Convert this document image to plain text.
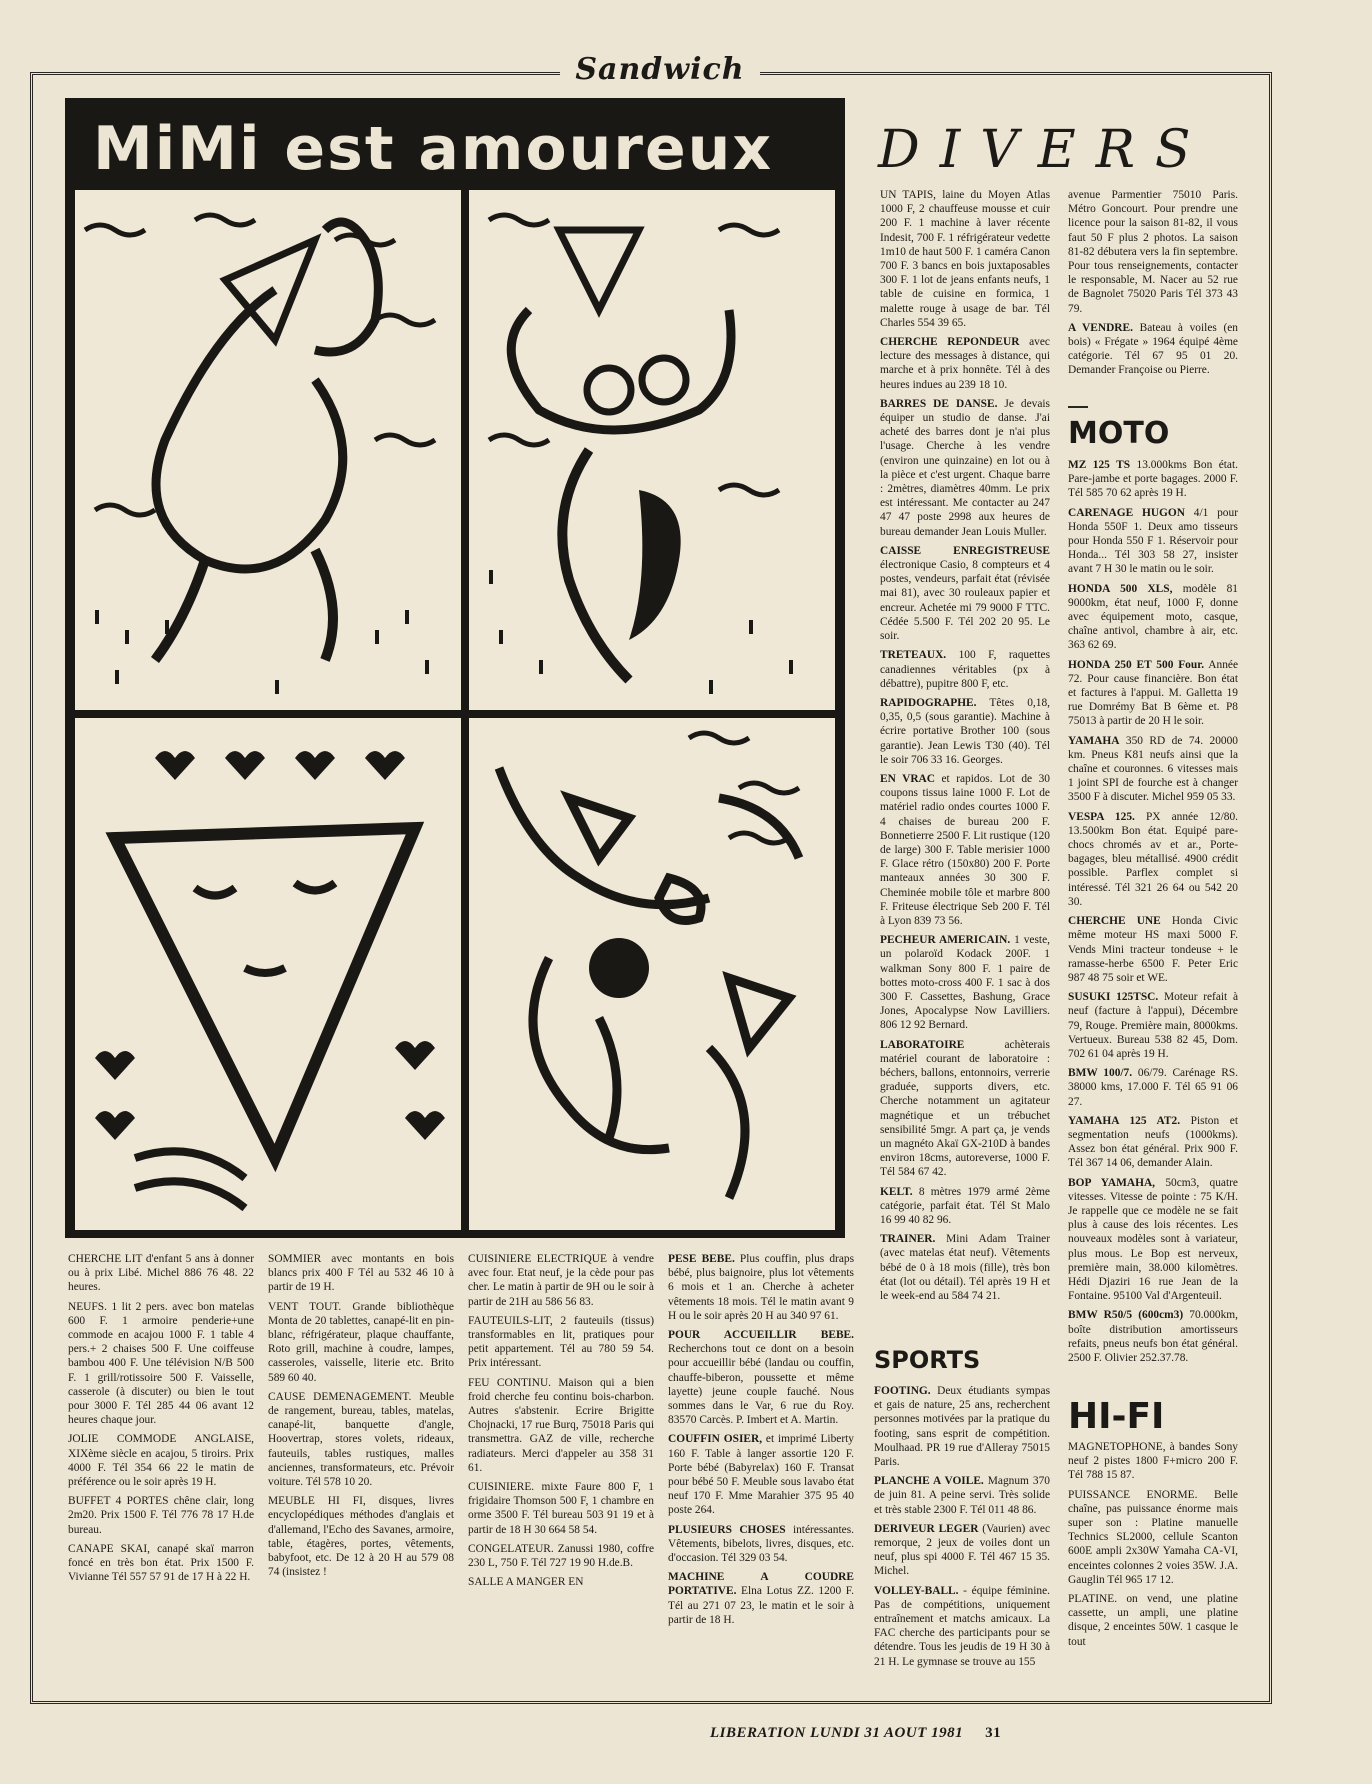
Sandwich
MiMi est amoureux	DIVERS

UN TAPIS, laine du Moyen Atlas 1000 F, 2 chauffeuse mousse et cuir 200 F. 1 machine à laver récente Indesit, 700 F. 1 réfrigérateur vedette 1m10 de haut 500 F. 1 caméra Canon 700 F. 3 bancs en bois juxtaposables 300 F. 1 lot de jeans enfants neufs, 1 table de cuisine en formica, 1 malette rouge à usage de bar. Tél Charles 554 39 65.

CHERCHE REPONDEUR avec lecture des messages à distance, qui marche et à prix honnête. Tél à des heures indues au 239 18 10.

BARRES DE DANSE. Je devais équiper un studio de danse. J'ai acheté des barres dont je n'ai plus l'usage. Cherche à les vendre (environ une quinzaine) en lot ou à la pièce et c'est urgent. Chaque barre : 2mètres, diamètres 40mm. Le prix est intéressant. Me contacter au 247 47 47 poste 2998 aux heures de bureau demander Jean Louis Muller.

CAISSE ENREGISTREUSE électronique Casio, 8 compteurs et 4 postes, vendeurs, parfait état (révisée mai 81), avec 30 rouleaux papier et encreur. Achetée mi 79 9000 F TTC. Cédée 5.500 F. Tél 202 20 95. Le soir.

TRETEAUX. 100 F, raquettes canadiennes véritables (px à débattre), pupitre 800 F, etc.

RAPIDOGRAPHE. Têtes 0,18, 0,35, 0,5 (sous garantie). Machine à écrire portative Brother 100 (sous garantie). Jean Lewis T30 (40). Tél le soir 706 33 16. Georges.

EN VRAC et rapidos. Lot de 30 coupons tissus laine 1000 F. Lot de matériel radio ondes courtes 1000 F. 4 chaises de bureau 200 F. Bonnetierre 2500 F. Lit rustique (120 de large) 300 F. Table merisier 1000 F. Glace rétro (150x80) 200 F. Porte manteaux années 30 300 F. Cheminée mobile tôle et marbre 800 F. Friteuse électrique Seb 200 F. Tél à Lyon 839 73 56.

PECHEUR AMERICAIN. 1 veste, un polaroïd Kodack 200F. 1 walkman Sony 800 F. 1 paire de bottes moto-cross 400 F. 1 sac à dos 300 F. Cassettes, Bashung, Grace Jones, Apocalypse Now Lavilliers. 806 12 92 Bernard.

LABORATOIRE achèterais matériel courant de laboratoire : béchers, ballons, entonnoirs, verrerie graduée, supports divers, etc. Cherche notamment un agitateur magnétique et un trébuchet sensibilité 5mgr. A part ça, je vends un magnéto Akaï GX-210D à bandes environ 18cms, autoreverse, 1000 F. Tél 584 67 42.

KELT. 8 mètres 1979 armé 2ème catégorie, parfait état. Tél St Malo 16 99 40 82 96.

TRAINER. Mini Adam Trainer (avec matelas état neuf). Vêtements bébé de 0 à 18 mois (fille), très bon état (lot ou détail). Tél après 19 H et le week-end au 584 74 21.

avenue Parmentier 75010 Paris. Métro Goncourt. Pour prendre une licence pour la saison 81-82, il vous faut 50 F plus 2 photos. La saison 81-82 débutera vers la fin septembre. Pour tous renseignements, contacter le responsable, M. Nacer au 52 rue de Bagnolet 75020 Paris Tél 373 43 79.

A VENDRE. Bateau à voiles (en bois) « Frégate » 1964 équipé 4ème catégorie. Tél 67 95 01 20. Demander Françoise ou Pierre.

MOTO

MZ 125 TS 13.000kms Bon état. Pare-jambe et porte bagages. 2000 F. Tél 585 70 62 après 19 H.

CARENAGE HUGON 4/1 pour Honda 550F 1. Deux amo tisseurs pour Honda 550 F 1. Réservoir pour Honda... Tél 303 58 27, insister avant 7 H 30 le matin ou le soir.

HONDA 500 XLS, modèle 81 9000km, état neuf, 1000 F, donne avec équipement moto, casque, chaîne antivol, chambre à air, etc. 363 62 69.

HONDA 250 ET 500 Four. Année 72. Pour cause financière. Bon état et factures à l'appui. M. Galletta 19 rue Domrémy Bat B 6ème et. P8 75013 à partir de 20 H le soir.

YAMAHA 350 RD de 74. 20000 km. Pneus K81 neufs ainsi que la chaîne et couronnes. 6 vitesses mais 1 joint SPI de fourche est à changer 3500 F à discuter. Michel 959 05 33.

VESPA 125. PX année 12/80. 13.500km Bon état. Equipé pare-chocs chromés av et ar., Porte-bagages, bleu métallisé. 4900 crédit possible. Parflex complet si intéressé. Tél 321 26 64 ou 542 20 30.

CHERCHE UNE Honda Civic même moteur HS maxi 5000 F. Vends Mini tracteur tondeuse + le ramasse-herbe 6500 F. Peter Eric 987 48 75 soir et WE.

SUSUKI 125TSC. Moteur refait à neuf (facture à l'appui), Décembre 79, Rouge. Première main, 8000kms. Vertueux. Bureau 538 82 45, Dom. 702 61 04 après 19 H.

BMW 100/7. 06/79. Carénage RS. 38000 kms, 17.000 F. Tél 65 91 06 27.

YAMAHA 125 AT2. Piston et segmentation neufs (1000kms). Assez bon état général. Prix 900 F. Tél 367 14 06, demander Alain.

BOP YAMAHA, 50cm3, quatre vitesses. Vitesse de pointe : 75 K/H. Je rappelle que ce modèle ne se fait plus à cause des lois récentes. Les nouveaux modèles sont à variateur, plus mous. Le Bop est nerveux, première main, 38.000 kilomètres. Hédi Djaziri 16 rue Jean de la Fontaine. 95100 Val d'Argenteuil.

BMW R50/5 (600cm3) 70.000km, boîte distribution amortisseurs refaits, pneus neufs bon état général. 2500 F. Olivier 252.37.78.

HI-FI

MAGNETOPHONE, à bandes Sony neuf 2 pistes 1800 F+micro 200 F. Tél 788 15 87.

PUISSANCE ENORME. Belle chaîne, pas puissance énorme mais super son : Platine manuelle Technics SL2000, cellule Scanton 600E ampli 2x30W Yamaha CA-VI, enceintes colonnes 2 voies 35W. J.A. Gauglin Tél 965 17 12.

PLATINE. on vend, une platine cassette, un ampli, une platine disque, 2 enceintes 50W. 1 casque le tout

SPORTS

FOOTING. Deux étudiants sympas et gais de nature, 25 ans, recherchent personnes motivées par la pratique du footing, sans esprit de compétition. Moulhaad. PR 19 rue d'Alleray 75015 Paris.

PLANCHE A VOILE. Magnum 370 de juin 81. A peine servi. Très solide et très stable 2300 F. Tél 011 48 86.

DERIVEUR LEGER (Vaurien) avec remorque, 2 jeux de voiles dont un neuf, plus spi 4000 F. Tél 467 15 35. Michel.

VOLLEY-BALL. - équipe féminine. Pas de compétitions, uniquement entraînement et matchs amicaux. La FAC cherche des participants pour se détendre. Tous les jeudis de 19 H 30 à 21 H. Le gymnase se trouve au 155

CHERCHE LIT d'enfant 5 ans à donner ou à prix Libé. Michel 886 76 48. 22 heures.

NEUFS. 1 lit 2 pers. avec bon matelas 600 F. 1 armoire penderie+une commode en acajou 1000 F. 1 table 4 pers.+ 2 chaises 500 F. Une coiffeuse bambou 400 F. Une télévision N/B 500 F. 1 grill/rotissoire 500 F. Vaisselle, casserole (à discuter) ou bien le tout pour 3000 F. Tél 285 44 06 avant 12 heures chaque jour.

JOLIE COMMODE ANGLAISE, XIXème siècle en acajou, 5 tiroirs. Prix 4000 F. Tél 354 66 22 le matin de préférence ou le soir après 19 H.

BUFFET 4 PORTES chêne clair, long 2m20. Prix 1500 F. Tél 776 78 17 H.de bureau.

CANAPE SKAI, canapé skaï marron foncé en très bon état. Prix 1500 F. Vivianne Tél 557 57 91 de 17 H à 22 H.

SOMMIER avec montants en bois blancs prix 400 F Tél au 532 46 10 à partir de 19 H.

VENT TOUT. Grande bibliothèque Monta de 20 tablettes, canapé-lit en pin-blanc, réfrigérateur, plaque chauffante, Roto grill, machine à coudre, lampes, casseroles, vaisselle, literie etc. Brito 589 60 40.

CAUSE DEMENAGEMENT. Meuble de rangement, bureau, tables, matelas, canapé-lit, banquette d'angle, Hoovertrap, stores volets, rideaux, fauteuils, tables rustiques, malles anciennes, transformateurs, etc. Prévoir voiture. Tél 578 10 20.

MEUBLE HI FI, disques, livres encyclopédiques méthodes d'anglais et d'allemand, l'Echo des Savanes, armoire, table, étagères, portes, vêtements, babyfoot, etc. De 12 à 20 H au 579 08 74 (insistez !

CUISINIERE ELECTRIQUE à vendre avec four. Etat neuf, je la cède pour pas cher. Le matin à partir de 9H ou le soir à partir de 21H au 586 56 83.

FAUTEUILS-LIT, 2 fauteuils (tissus) transformables en lit, pratiques pour petit appartement. Tél au 780 59 54. Prix intéressant.

FEU CONTINU. Maison qui a bien froid cherche feu continu bois-charbon. Autres s'abstenir. Ecrire Brigitte Chojnacki, 17 rue Burq, 75018 Paris qui transmettra. GAZ de ville, recherche radiateurs. Merci d'appeler au 358 31 61.

CUISINIERE. mixte Faure 800 F, 1 frigidaire Thomson 500 F, 1 chambre en orme 3500 F. Tél bureau 503 91 19 et à partir de 18 H 30 664 58 54.

CONGELATEUR. Zanussi 1980, coffre 230 L, 750 F. Tél 727 19 90 H.de.B.

SALLE A MANGER EN

PESE BEBE. Plus couffin, plus draps bébé, plus baignoire, plus lot vêtements 6 mois et 1 an. Cherche à acheter vêtements 18 mois. Tél le matin avant 9 H ou le soir après 20 H au 340 97 61.

POUR ACCUEILLIR BEBE. Recherchons tout ce dont on a besoin pour accueillir bébé (landau ou couffin, chauffe-biberon, poussette et même layette) jeune couple fauché. Nous sommes dans le Var, 6 rue du Roy. 83570 Carcès. P. Imbert et A. Martin.

COUFFIN OSIER, et imprimé Liberty 160 F. Table à langer assortie 120 F. Porte bébé (Babyrelax) 160 F. Transat pour bébé 50 F. Meuble sous lavabo état neuf 170 F. Mme Marahier 375 95 40 poste 264.

PLUSIEURS CHOSES intéressantes. Vêtements, bibelots, livres, disques, etc. d'occasion. Tél 329 03 54.

MACHINE A COUDRE PORTATIVE. Elna Lotus ZZ. 1200 F. Tél au 271 07 23, le matin et le soir à partir de 18 H.

LIBERATION LUNDI 31 AOUT 1981 31
